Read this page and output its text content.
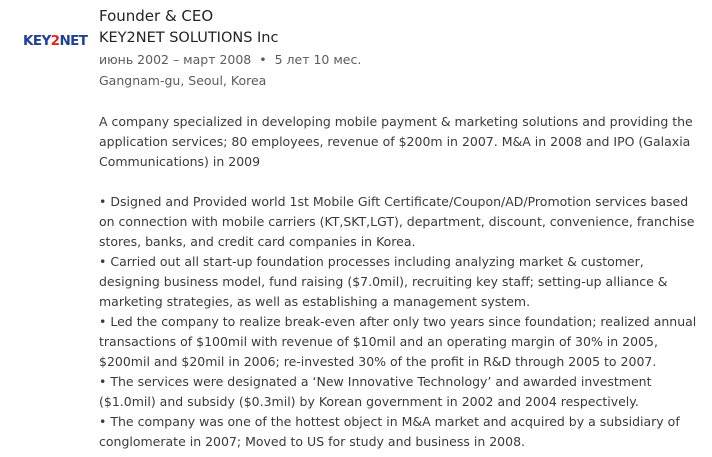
KEY2NET
Founder & CEO
KEY2NET SOLUTIONS Inc
июнь 2002 – март 2008 • 5 лет 10 мес.
Gangnam-gu, Seoul, Korea

A company specialized in developing mobile payment & marketing solutions and providing the application services; 80 employees, revenue of $200m in 2007. M&A in 2008 and IPO (Galaxia Communications) in 2009

• Dsigned and Provided world 1st Mobile Gift Certificate/Coupon/AD/Promotion services based on connection with mobile carriers (KT,SKT,LGT), department, discount, convenience, franchise stores, banks, and credit card companies in Korea.
• Carried out all start-up foundation processes including analyzing market & customer, designing business model, fund raising ($7.0mil), recruiting key staff; setting-up alliance & marketing strategies, as well as establishing a management system.
• Led the company to realize break-even after only two years since foundation; realized annual transactions of $100mil with revenue of $10mil and an operating margin of 30% in 2005, $200mil and $20mil in 2006; re-invested 30% of the profit in R&D through 2005 to 2007.
• The services were designated a ‘New Innovative Technology’ and awarded investment ($1.0mil) and subsidy ($0.3mil) by Korean government in 2002 and 2004 respectively.
• The company was one of the hottest object in M&A market and acquired by a subsidiary of conglomerate in 2007; Moved to US for study and business in 2008.
